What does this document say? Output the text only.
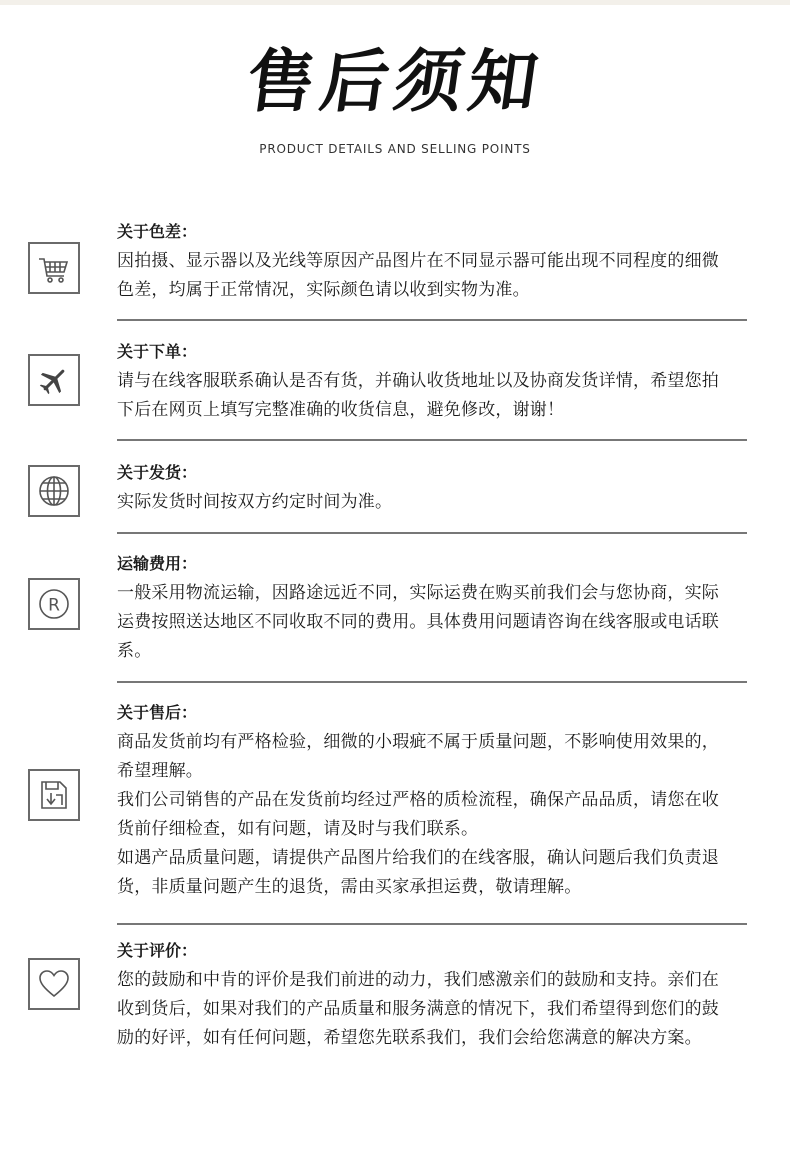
售后须知
PRODUCT DETAILS AND SELLING POINTS
关于色差：
因拍摄、显示器以及光线等原因产品图片在不同显示器可能出现不同程度的细微色差，均属于正常情况，实际颜色请以收到实物为准。
关于下单：
请与在线客服联系确认是否有货，并确认收货地址以及协商发货详情，希望您拍下后在网页上填写完整准确的收货信息，避免修改，谢谢！
关于发货：
实际发货时间按双方约定时间为准。
R
运输费用：
一般采用物流运输，因路途远近不同，实际运费在购买前我们会与您协商，实际运费按照送达地区不同收取不同的费用。具体费用问题请咨询在线客服或电话联系。
关于售后：
商品发货前均有严格检验，细微的小瑕疵不属于质量问题，不影响使用效果的，希望理解。
我们公司销售的产品在发货前均经过严格的质检流程，确保产品品质，请您在收货前仔细检查，如有问题，请及时与我们联系。
如遇产品质量问题，请提供产品图片给我们的在线客服，确认问题后我们负责退货，非质量问题产生的退货，需由买家承担运费，敬请理解。
关于评价：
您的鼓励和中肯的评价是我们前进的动力，我们感激亲们的鼓励和支持。亲们在收到货后，如果对我们的产品质量和服务满意的情况下，我们希望得到您们的鼓励的好评，如有任何问题，希望您先联系我们，我们会给您满意的解决方案。
